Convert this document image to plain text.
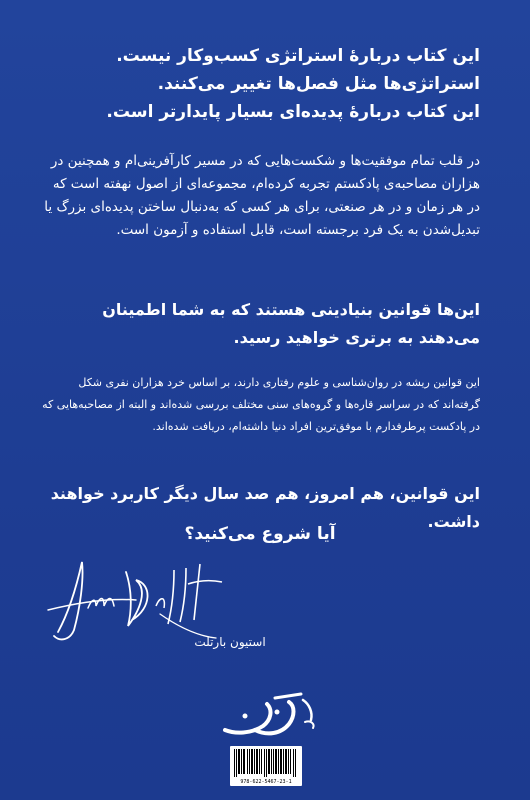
این کتاب دربارهٔ استراتژی کسب‌وکار نیست.

استراتژی‌ها مثل فصل‌ها تغییر می‌کنند.

این کتاب دربارهٔ پدیده‌ای بسیار پایدارتر است.

در قلب تمام موفقیت‌ها و شکست‌هایی که در مسیر کارآفرینی‌ام و همچنین در هزاران مصاحبه‌ی پادکستم تجربه کرده‌ام، مجموعه‌ای از اصول نهفته است که در هر زمان و در هر صنعتی، برای هر کسی که به‌دنبال ساختن پدیده‌ای بزرگ یا تبدیل‌شدن به یک فرد برجسته است، قابل استفاده و آزمون است.
این‌ها قوانین بنیادینی هستند که به شما اطمینان می‌دهند به برتری خواهید رسید.
این قوانین ریشه در روان‌شناسی و علوم رفتاری دارند، بر اساس خرد هزاران نفری شکل گرفته‌اند که در سراسر قاره‌ها و گروه‌های سنی مختلف بررسی شده‌اند و البته از مصاحبه‌هایی که در پادکست پرطرفدارم با موفق‌ترین افراد دنیا داشته‌ام، دریافت شده‌اند.
این قوانین، هم امروز، هم صد سال دیگر کاربرد خواهند داشت.
آیا شروع می‌کنید؟
استیون بارتلت
978-622-5467-23-1
